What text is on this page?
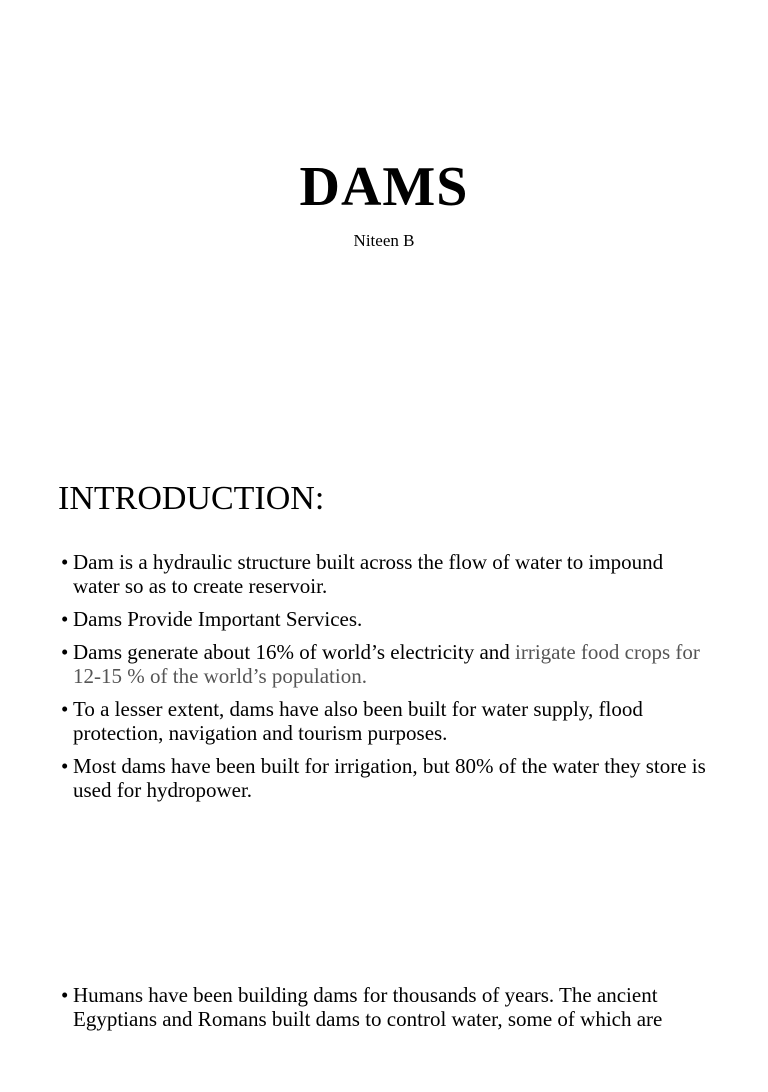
DAMS
Niteen B
INTRODUCTION:
• Dam is a hydraulic structure built across the flow of water to impound water so as to create reservoir.
• Dams Provide Important Services.
• Dams generate about 16% of world’s electricity and irrigate food crops for 12-15 % of the world’s population.
• To a lesser extent, dams have also been built for water supply, flood protection, navigation and tourism purposes.
• Most dams have been built for irrigation, but 80% of the water they store is used for hydropower.
• Humans have been building dams for thousands of years. The ancient Egyptians and Romans built dams to control water, some of which are
